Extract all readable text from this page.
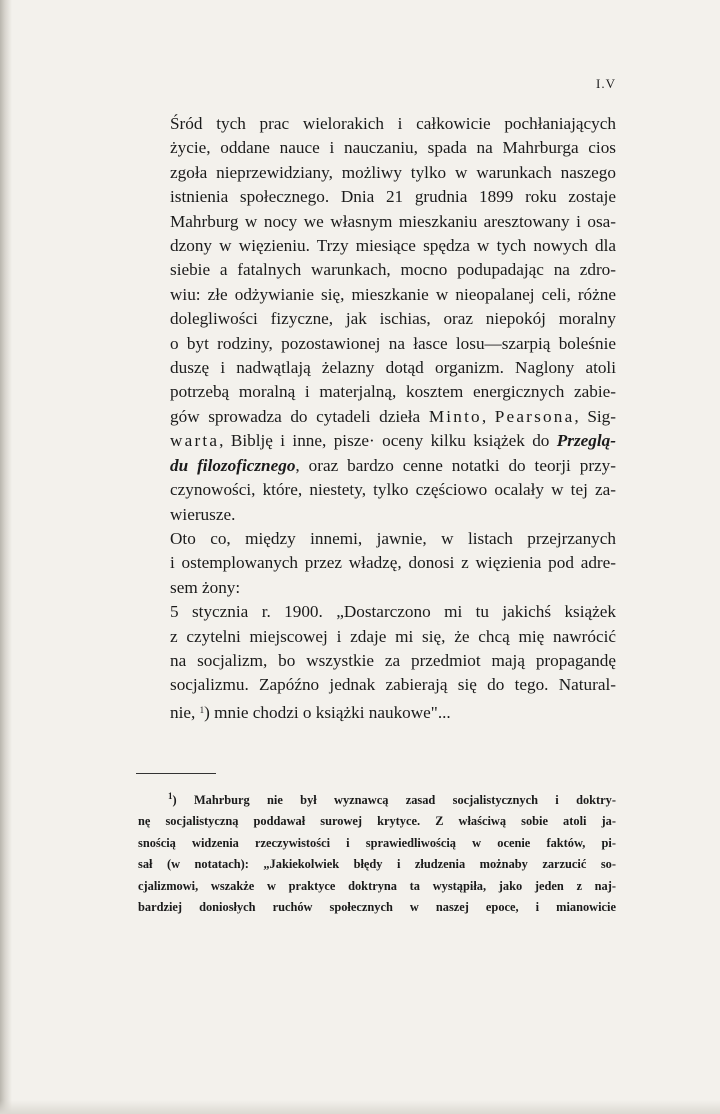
I.V

Śród tych prac wielorakich i całkowicie pochłaniających
życie, oddane nauce i nauczaniu, spada na Mahrburga cios
zgoła nieprzewidziany, możliwy tylko w warunkach naszego
istnienia społecznego. Dnia 21 grudnia 1899 roku zostaje
Mahrburg w nocy we własnym mieszkaniu aresztowany i osa-
dzony w więzieniu. Trzy miesiące spędza w tych nowych dla
siebie a fatalnych warunkach, mocno podupadając na zdro-
wiu: złe odżywianie się, mieszkanie w nieopalanej celi, różne
dolegliwości fizyczne, jak ischias, oraz niepokój moralny
o byt rodziny, pozostawionej na łasce losu—szarpią boleśnie
duszę i nadwątlają żelazny dotąd organizm. Naglony atoli
potrzebą moralną i materjalną, kosztem energicznych zabie-
gów sprowadza do cytadeli dzieła Minto, Pearsona, Sig-
warta, Biblję i inne, pisze· oceny kilku książek do Przeglą-
du filozoficznego, oraz bardzo cenne notatki do teorji przy-
czynowości, które, niestety, tylko częściowo ocalały w tej za-
wierusze.

Oto co, między innemi, jawnie, w listach przejrzanych
i ostemplowanych przez władzę, donosi z więzienia pod adre-
sem żony:

5 stycznia r. 1900. „Dostarczono mi tu jakichś książek
z czytelni miejscowej i zdaje mi się, że chcą mię nawrócić
na socjalizm, bo wszystkie za przedmiot mają propagandę
socjalizmu. Zapóźno jednak zabierają się do tego. Natural-
nie, $^1$) mnie chodzi o książki naukowe"...

$^1$) Mahrburg nie był wyznawcą zasad socjalistycznych i doktry-
nę socjalistyczną poddawał surowej krytyce. Z właściwą sobie atoli ja-
snością widzenia rzeczywistości i sprawiedliwością w ocenie faktów, pi-
sał (w notatach): „Jakiekolwiek błędy i złudzenia możnaby zarzucić so-
cjalizmowi, wszakże w praktyce doktryna ta wystąpiła, jako jeden z naj-
bardziej doniosłych ruchów społecznych w naszej epoce, i mianowicie
